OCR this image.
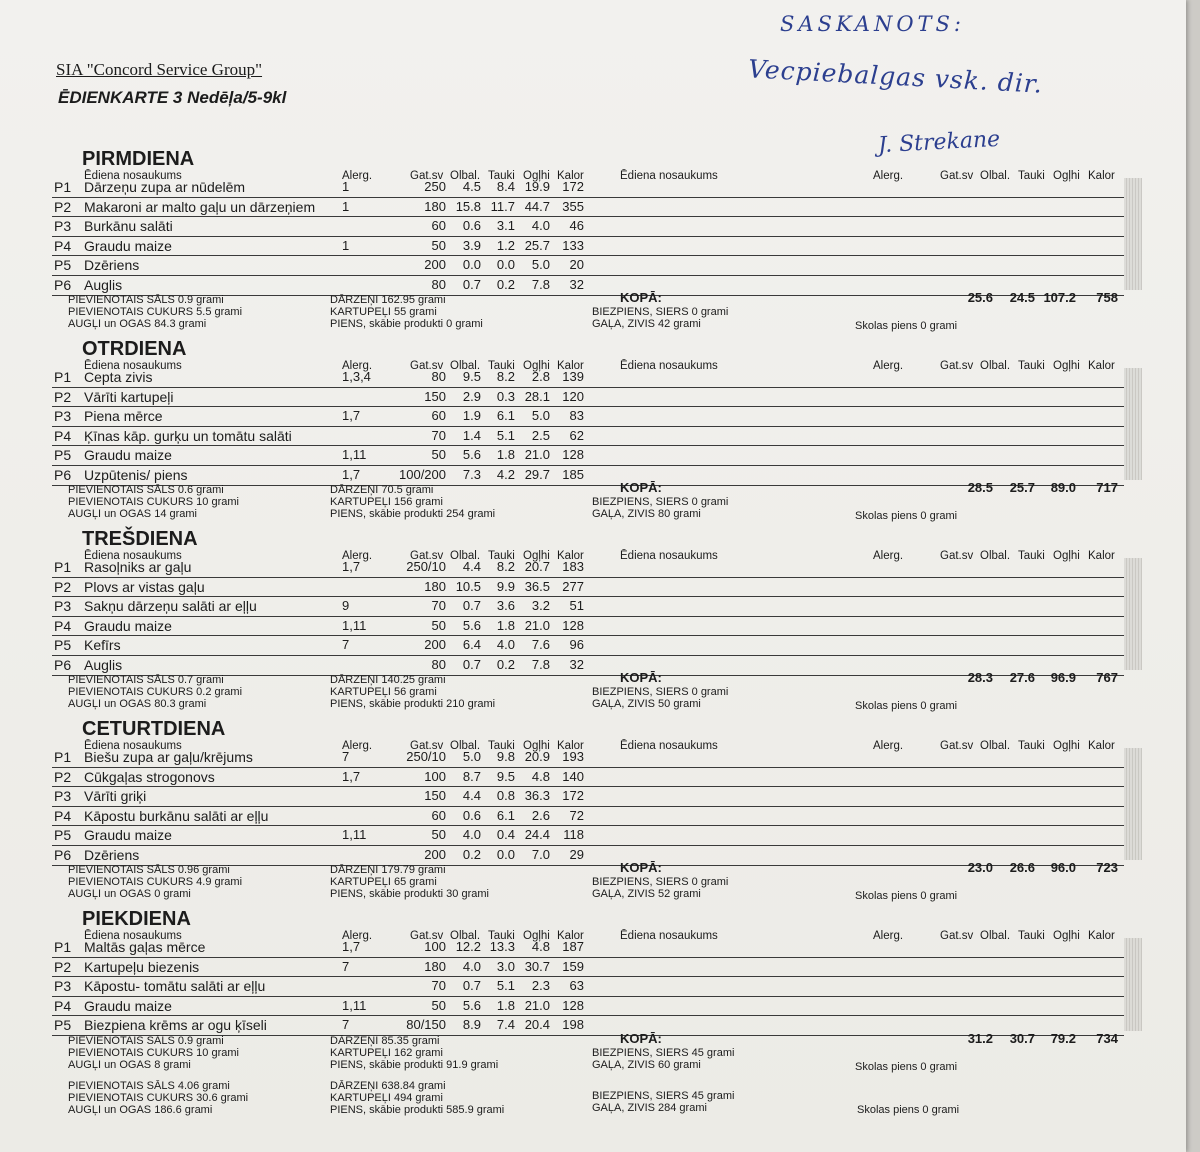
SIA "Concord Service Group"
ĒDIENKARTE 3 Nedēļa/5-9kl
SASKANOTS:
Vecpiebalgas vsk. dir.
J. Strekane
PIRMDIENA
Ēdiena nosaukums	Alerg.	Gat.sv Olbal. Tauki Ogļhi Kalor	Ēdiena nosaukums	Alerg.	Gat.sv Olbal. Tauki Ogļhi Kalor
P1 Dārzeņu zupa ar nūdelēm	1	250 4.5 8.4 19.9 172
P2 Makaroni ar malto gaļu un dārzeņiem 1	180 15.8 11.7 44.7 355
P3 Burkānu salāti	60 0.6 3.1 4.0 46
P4 Graudu maize	1	50 3.9 1.2 25.7 133
P5 Dzēriens	200 0.0 0.0 5.0 20
P6 Auglis	80 0.7 0.2 7.8 32
PIEVIENOTAIS SĀLS 0.9 grami
PIEVIENOTAIS CUKURS 5.5 grami
AUGĻI un OGAS 84.3 grami
DĀRZEŅI 162.95 grami
KARTUPEĻI 55 grami
PIENS, skābie produkti 0 grami
KOPĀ:
BIEZPIENS, SIERS 0 grami
GAĻA, ZIVIS 42 grami	Skolas piens 0 grami
25.6 24.5 107.2 758
OTRDIENA
Ēdiena nosaukums	Alerg.	Gat.sv Olbal. Tauki Ogļhi Kalor	Ēdiena nosaukums	Alerg.	Gat.sv Olbal. Tauki Ogļhi Kalor
P1 Cepta zivis	1,3,4	80 9.5 8.2 2.8 139
P2 Vārīti kartupeļi	150 2.9 0.3 28.1 120
P3 Piena mērce	1,7	60 1.9 6.1 5.0 83
P4 Ķīnas kāp. gurķu un tomātu salāti	70 1.4 5.1 2.5 62
P5 Graudu maize	1,11	50 5.6 1.8 21.0 128
P6 Uzpūtenis/ piens	1,7	100/200 7.3 4.2 29.7 185
PIEVIENOTAIS SĀLS 0.6 grami
PIEVIENOTAIS CUKURS 10 grami
AUGĻI un OGAS 14 grami
DĀRZEŅI 70.5 grami
KARTUPEĻI 156 grami
PIENS, skābie produkti 254 grami
KOPĀ:
BIEZPIENS, SIERS 0 grami
GAĻA, ZIVIS 80 grami	Skolas piens 0 grami
28.5 25.7 89.0 717
TREŠDIENA
Ēdiena nosaukums	Alerg.	Gat.sv Olbal. Tauki Ogļhi Kalor	Ēdiena nosaukums	Alerg.	Gat.sv Olbal. Tauki Ogļhi Kalor
P1 Rasoļniks ar gaļu	1,7	250/10 4.4 8.2 20.7 183
P2 Plovs ar vistas gaļu	180 10.5 9.9 36.5 277
P3 Sakņu dārzeņu salāti ar eļļu	9	70 0.7 3.6 3.2 51
P4 Graudu maize	1,11	50 5.6 1.8 21.0 128
P5 Kefīrs	7	200 6.4 4.0 7.6 96
P6 Auglis	80 0.7 0.2 7.8 32
PIEVIENOTAIS SĀLS 0.7 grami
PIEVIENOTAIS CUKURS 0.2 grami
AUGĻI un OGAS 80.3 grami
DĀRZEŅI 140.25 grami
KARTUPEĻI 56 grami
PIENS, skābie produkti 210 grami
KOPĀ:
BIEZPIENS, SIERS 0 grami
GAĻA, ZIVIS 50 grami	Skolas piens 0 grami
28.3 27.6 96.9 767
CETURTDIENA
Ēdiena nosaukums	Alerg.	Gat.sv Olbal. Tauki Ogļhi Kalor	Ēdiena nosaukums	Alerg.	Gat.sv Olbal. Tauki Ogļhi Kalor
P1 Biešu zupa ar gaļu/krējums	7	250/10 5.0 9.8 20.9 193
P2 Cūkgaļas strogonovs	1,7	100 8.7 9.5 4.8 140
P3 Vārīti griķi	150 4.4 0.8 36.3 172
P4 Kāpostu burkānu salāti ar eļļu	60 0.6 6.1 2.6 72
P5 Graudu maize	1,11	50 4.0 0.4 24.4 118
P6 Dzēriens	200 0.2 0.0 7.0 29
PIEVIENOTAIS SĀLS 0.96 grami
PIEVIENOTAIS CUKURS 4.9 grami
AUGĻI un OGAS 0 grami
DĀRZEŅI 179.79 grami
KARTUPEĻI 65 grami
PIENS, skābie produkti 30 grami
KOPĀ:
BIEZPIENS, SIERS 0 grami
GAĻA, ZIVIS 52 grami	Skolas piens 0 grami
23.0 26.6 96.0 723
PIEKDIENA
Ēdiena nosaukums	Alerg.	Gat.sv Olbal. Tauki Ogļhi Kalor	Ēdiena nosaukums	Alerg.	Gat.sv Olbal. Tauki Ogļhi Kalor
P1 Maltās gaļas mērce	1,7	100 12.2 13.3 4.8 187
P2 Kartupeļu biezenis	7	180 4.0 3.0 30.7 159
P3 Kāpostu- tomātu salāti ar eļļu	70 0.7 5.1 2.3 63
P4 Graudu maize	1,11	50 5.6 1.8 21.0 128
P5 Biezpiena krēms ar ogu ķīseli	7	80/150 8.9 7.4 20.4 198
PIEVIENOTAIS SĀLS 0.9 grami
PIEVIENOTAIS CUKURS 10 grami
AUGĻI un OGAS 8 grami
DĀRZEŅI 85.35 grami
KARTUPEĻI 162 grami
PIENS, skābie produkti 91.9 grami
KOPĀ:
BIEZPIENS, SIERS 45 grami
GAĻA, ZIVIS 60 grami	Skolas piens 0 grami
31.2 30.7 79.2 734
PIEVIENOTAIS SĀLS 4.06 grami
PIEVIENOTAIS CUKURS 30.6 grami
AUGĻI un OGAS 186.6 grami
DĀRZEŅI 638.84 grami
KARTUPEĻI 494 grami
PIENS, skābie produkti 585.9 grami
BIEZPIENS, SIERS 45 grami
GAĻA, ZIVIS 284 grami	Skolas piens 0 grami
